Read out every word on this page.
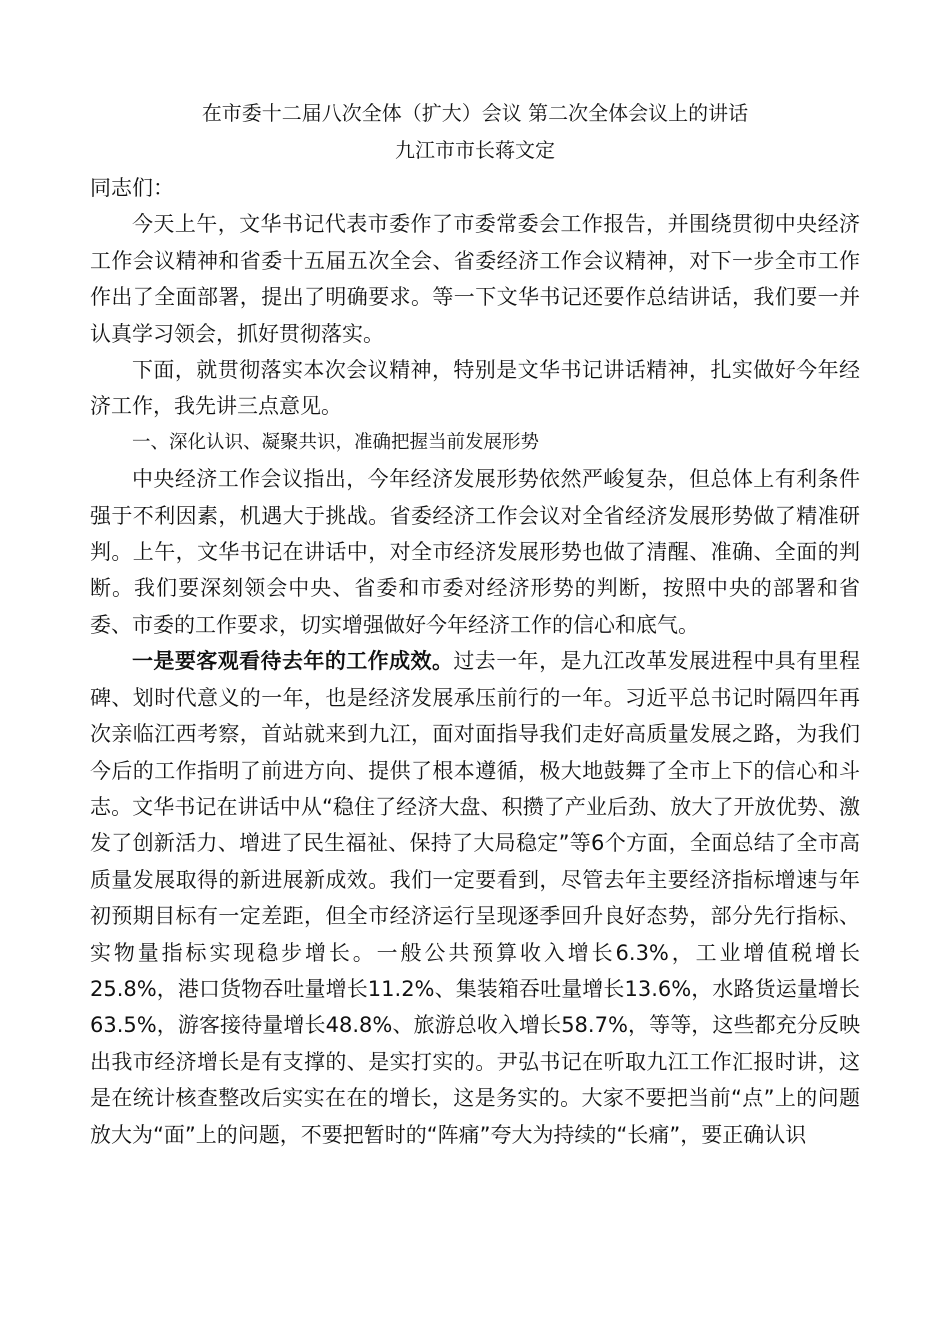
在市委十二届八次全体（扩大）会议 第二次全体会议上的讲话
九江市市长蒋文定

同志们：

今天上午，文华书记代表市委作了市委常委会工作报告，并围绕贯彻中央经济工作会议精神和省委十五届五次全会、省委经济工作会议精神，对下一步全市工作作出了全面部署，提出了明确要求。等一下文华书记还要作总结讲话，我们要一并认真学习领会，抓好贯彻落实。

下面，就贯彻落实本次会议精神，特别是文华书记讲话精神，扎实做好今年经济工作，我先讲三点意见。

一、深化认识、凝聚共识，准确把握当前发展形势

中央经济工作会议指出，今年经济发展形势依然严峻复杂，但总体上有利条件强于不利因素，机遇大于挑战。省委经济工作会议对全省经济发展形势做了精准研判。上午，文华书记在讲话中，对全市经济发展形势也做了清醒、准确、全面的判断。我们要深刻领会中央、省委和市委对经济形势的判断，按照中央的部署和省委、市委的工作要求，切实增强做好今年经济工作的信心和底气。

一是要客观看待去年的工作成效。过去一年，是九江改革发展进程中具有里程碑、划时代意义的一年，也是经济发展承压前行的一年。习近平总书记时隔四年再次亲临江西考察，首站就来到九江，面对面指导我们走好高质量发展之路，为我们今后的工作指明了前进方向、提供了根本遵循，极大地鼓舞了全市上下的信心和斗志。文华书记在讲话中从“稳住了经济大盘、积攒了产业后劲、放大了开放优势、激发了创新活力、增进了民生福祉、保持了大局稳定”等6个方面，全面总结了全市高质量发展取得的新进展新成效。我们一定要看到，尽管去年主要经济指标增速与年初预期目标有一定差距，但全市经济运行呈现逐季回升良好态势，部分先行指标、实物量指标实现稳步增长。一般公共预算收入增长6.3%，工业增值税增长25.8%，港口货物吞吐量增长11.2%、集装箱吞吐量增长13.6%，水路货运量增长63.5%，游客接待量增长48.8%、旅游总收入增长58.7%，等等，这些都充分反映出我市经济增长是有支撑的、是实打实的。尹弘书记在听取九江工作汇报时讲，这是在统计核查整改后实实在在的增长，这是务实的。大家不要把当前“点”上的问题放大为“面”上的问题，不要把暂时的“阵痛”夸大为持续的“长痛”，要正确认识
